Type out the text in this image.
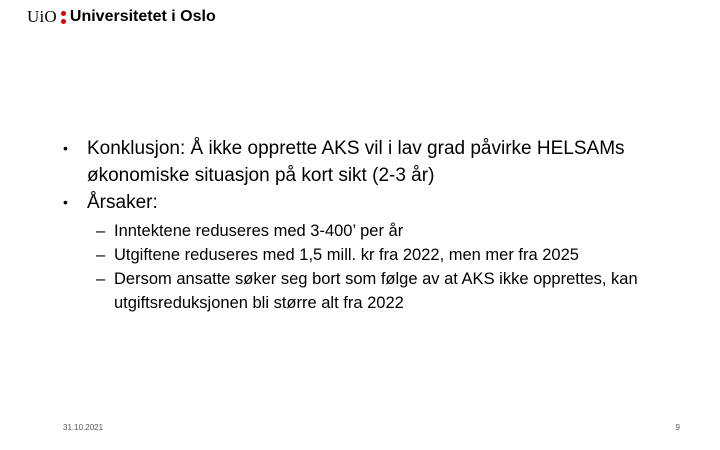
UiO Universitetet i Oslo
•	Konklusjon: Å ikke opprette AKS vil i lav grad påvirke HELSAMs økonomiske situasjon på kort sikt (2-3 år)
•	Årsaker:
– Inntektene reduseres med 3-400’ per år
– Utgiftene reduseres med 1,5 mill. kr fra 2022, men mer fra 2025
– Dersom ansatte søker seg bort som følge av at AKS ikke opprettes, kan utgiftsreduksjonen bli større alt fra 2022
31.10.2021	9
